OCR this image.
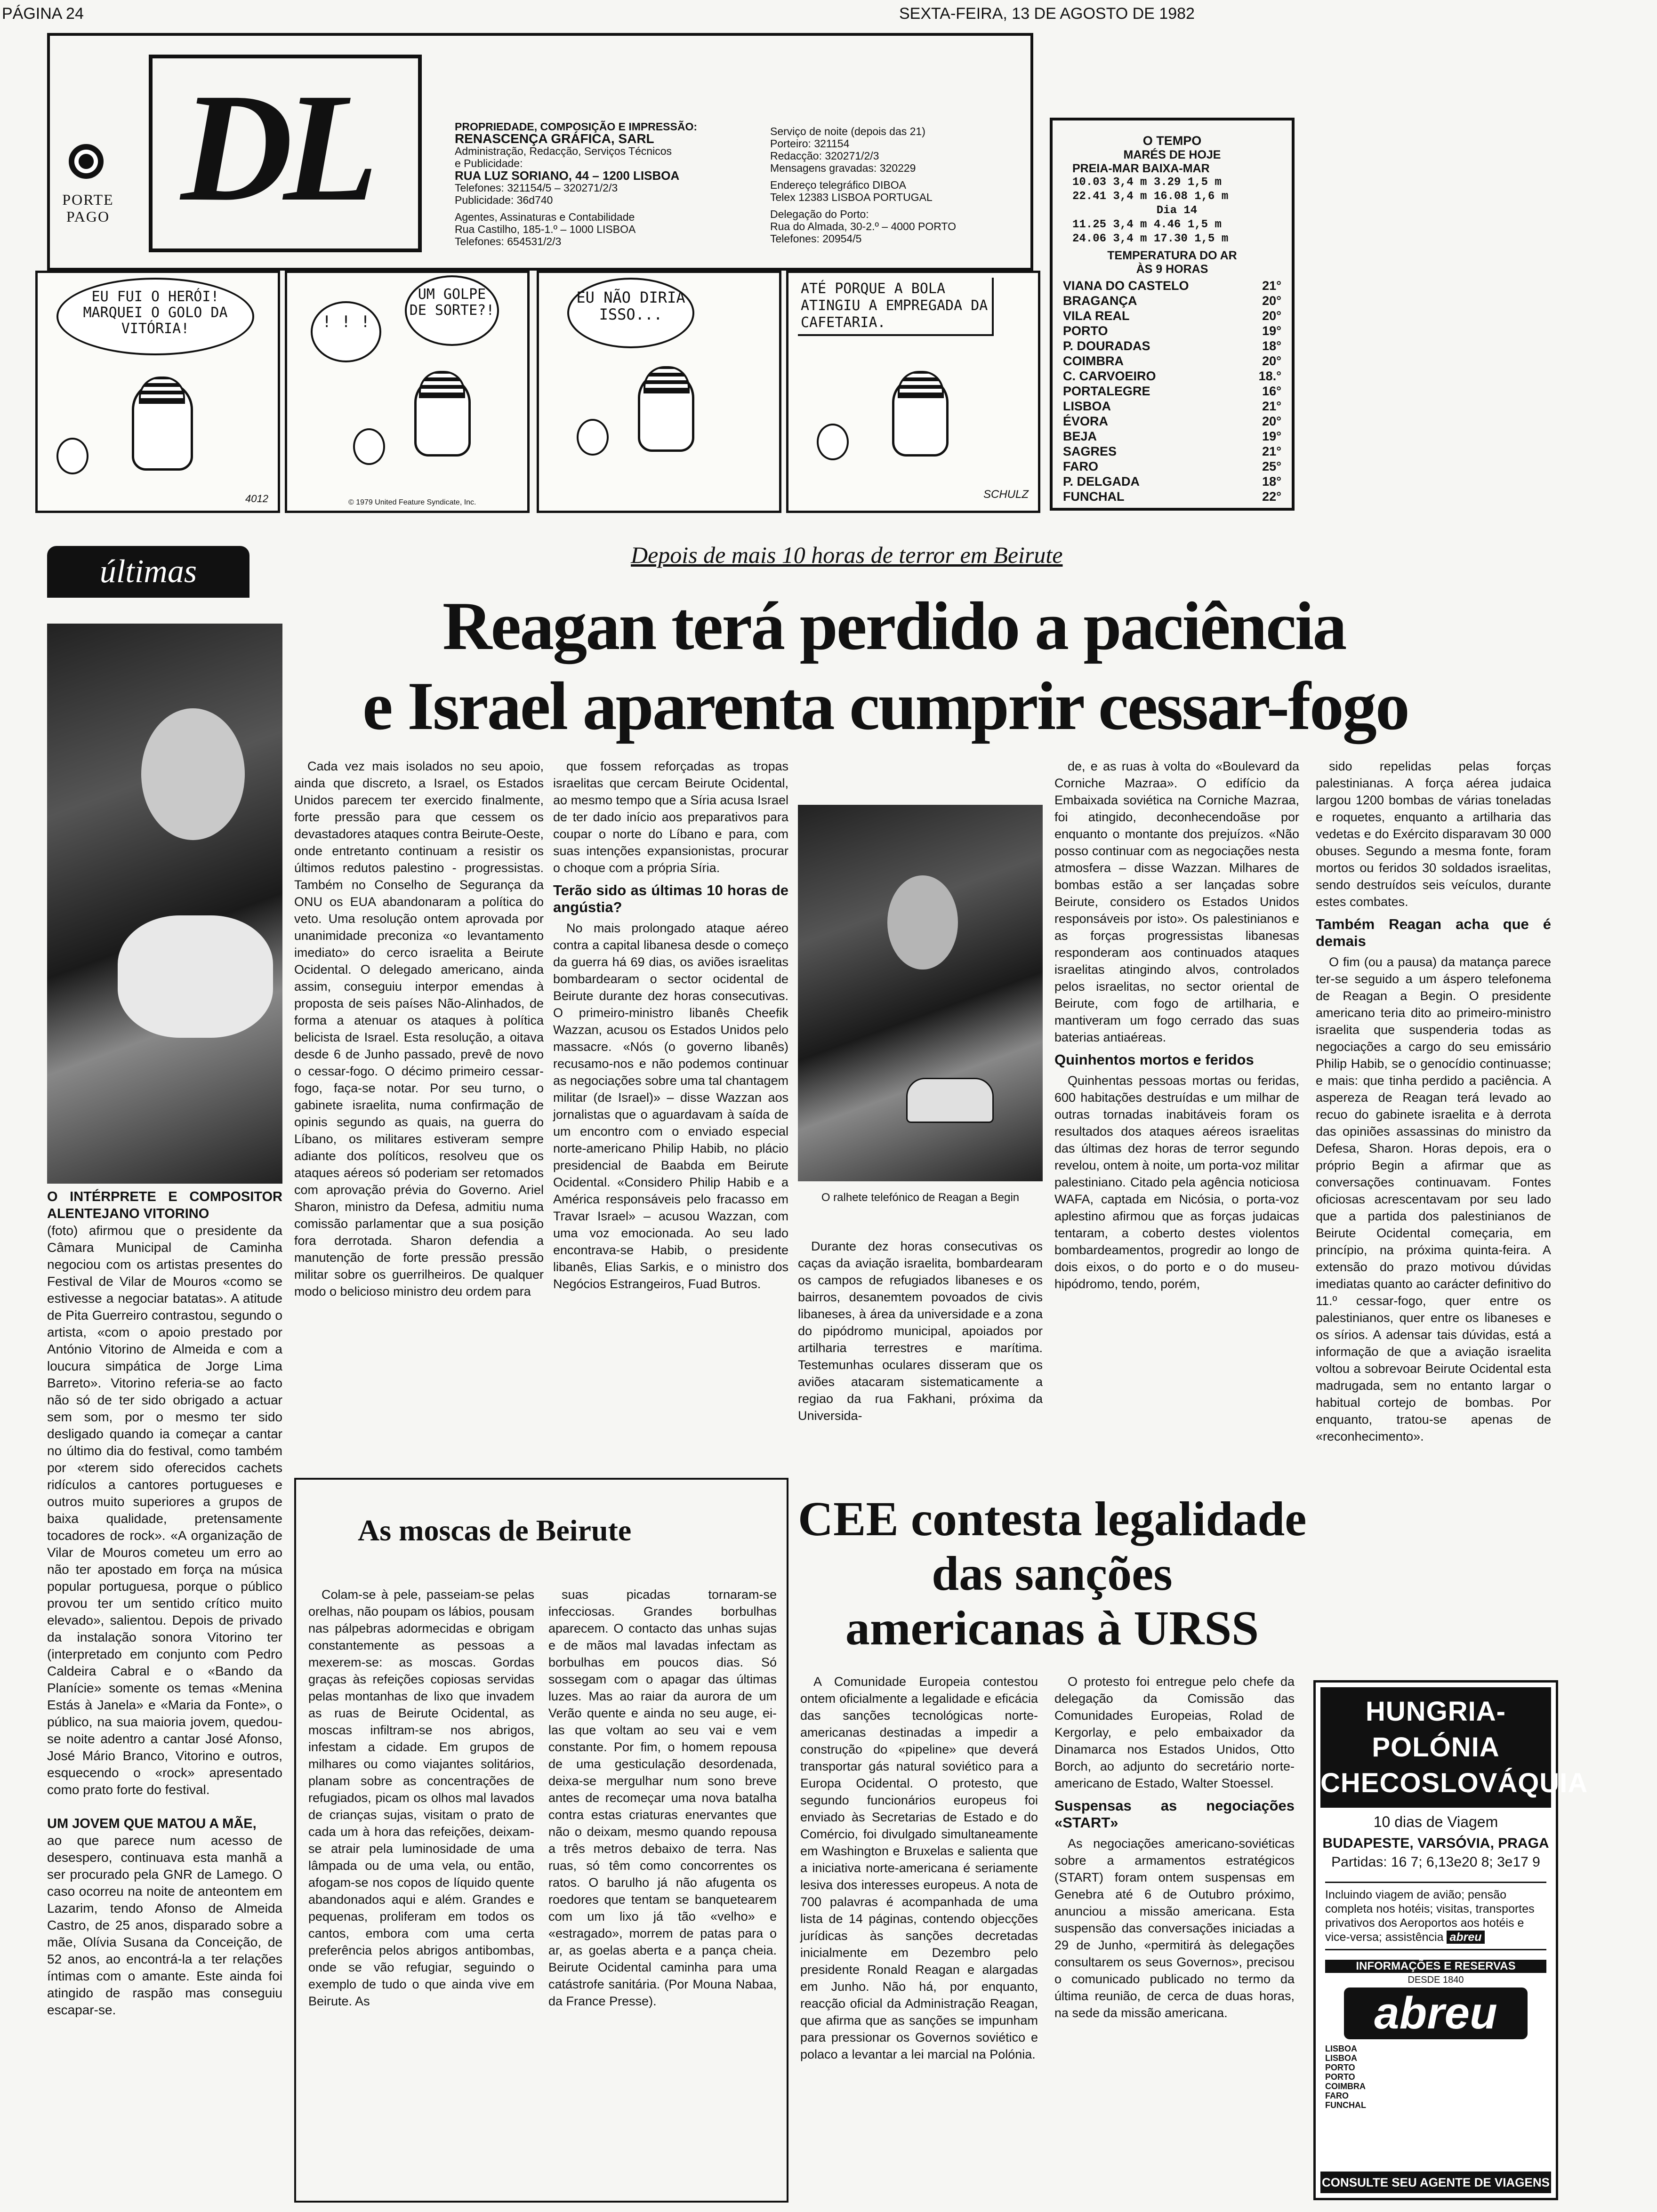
PÁGINA 24	SEXTA-FEIRA, 13 DE AGOSTO DE 1982
PORTE PAGO DL	PROPRIEDADE, COMPOSIÇÃO E IMPRESSÃO:
RENASCENÇA GRÁFICA, SARL
Administração, Redacção, Serviços Técnicos
e Publicidade:
RUA LUZ SORIANO, 44 – 1200 LISBOA
Telefones: 321154/5 – 320271/2/3
Publicidade: 36d740
Agentes, Assinaturas e Contabilidade
Rua Castilho, 185-1.º – 1000 LISBOA
Telefones: 654531/2/3
Serviço de noite (depois das 21)
Porteiro: 321154
Redacção: 320271/2/3
Mensagens gravadas: 320229
Endereço telegráfico DIBOA
Telex 12383 LISBOA PORTUGAL
Delegação do Porto:
Rua do Almada, 30-2.º – 4000 PORTO
Telefones: 20954/5
O TEMPO
MARÉS DE HOJE
PREIA-MAR BAIXA-MAR
10.03 3,4 m 3.29 1,5 m
22.41 3,4 m 16.08 1,6 m
Dia 14
11.25 3,4 m 4.46 1,5 m
24.06 3,4 m 17.30 1,5 m
TEMPERATURA DO AR
ÀS 9 HORAS
VIANA DO CASTELO	21°
BRAGANÇA	20°
VILA REAL	20°
PORTO	19°
P. DOURADAS	18°
COIMBRA	20°
C. CARVOEIRO	18.°
PORTALEGRE	16°
LISBOA	21°
ÉVORA	20°
BEJA	19°
SAGRES	21°
FARO	25°
P. DELGADA	18°
FUNCHAL	22°
EU FUI O HERÓI! MARQUEI O GOLO DA VITÓRIA!
4012
! ! !
UM GOLPE DE SORTE?!
© 1979 United Feature Syndicate, Inc.
EU NÃO DIRIA ISSO...
ATÉ PORQUE A BOLA ATINGIU A EMPREGADA DA CAFETARIA.
SCHULZ
últimas
O INTÉRPRETE E COMPOSITOR ALENTEJANO VITORINO
(foto) afirmou que o presidente da Câmara Municipal de Caminha negociou com os artistas presentes do Festival de Vilar de Mouros «como se estivesse a negociar batatas». A atitude de Pita Guerreiro contrastou, segundo o artista, «com o apoio prestado por António Vitorino de Almeida e com a loucura simpática de Jorge Lima Barreto». Vitorino referia-se ao facto não só de ter sido obrigado a actuar sem som, por o mesmo ter sido desligado quando ia começar a cantar no último dia do festival, como também por «terem sido oferecidos cachets ridículos a cantores portugueses e outros muito superiores a grupos de baixa qualidade, pretensamente tocadores de rock». «A organização de Vilar de Mouros cometeu um erro ao não ter apostado em força na música popular portuguesa, porque o público provou ter um sentido crítico muito elevado», salientou. Depois de privado da instalação sonora Vitorino ter (interpretado em conjunto com Pedro Caldeira Cabral e o «Bando da Planície» somente os temas «Menina Estás à Janela» e «Maria da Fonte», o público, na sua maioria jovem, quedou-se noite adentro a cantar José Afonso, José Mário Branco, Vitorino e outros, esquecendo o «rock» apresentado como prato forte do festival.
UM JOVEM QUE MATOU A MÃE,
ao que parece num acesso de desespero, continuava esta manhã a ser procurado pela GNR de Lamego. O caso ocorreu na noite de anteontem em Lazarim, tendo Afonso de Almeida Castro, de 25 anos, disparado sobre a mãe, Olívia Susana da Conceição, de 52 anos, ao encontrá-la a ter relações íntimas com o amante. Este ainda foi atingido de raspão mas conseguiu escapar-se.
Depois de mais 10 horas de terror em Beirute
Reagan terá perdido a paciência
e Israel aparenta cumprir cessar-fogo

Cada vez mais isolados no seu apoio, ainda que discreto, a Israel, os Estados Unidos parecem ter exercido finalmente, forte pressão para que cessem os devastadores ataques contra Beirute-Oeste, onde entretanto continuam a resistir os últimos redutos palestino - progressistas. Também no Conselho de Segurança da ONU os EUA abandonaram a política do veto. Uma resolução ontem aprovada por unanimidade preconiza «o levantamento imediato» do cerco israelita a Beirute Ocidental. O delegado americano, ainda assim, conseguiu interpor emendas à proposta de seis países Não-Alinhados, de forma a atenuar os ataques à política belicista de Israel. Esta resolução, a oitava desde 6 de Junho passado, prevê de novo o cessar-fogo. O décimo primeiro cessar-fogo, faça-se notar. Por seu turno, o gabinete israelita, numa confirmação de opinis segundo as quais, na guerra do Líbano, os militares estiveram sempre adiante dos políticos, resolveu que os ataques aéreos só poderiam ser retomados com aprovação prévia do Governo. Ariel Sharon, ministro da Defesa, admitiu numa comissão parlamentar que a sua posição fora derrotada. Sharon defendia a manutenção de forte pressão pressão militar sobre os guerrilheiros. De qualquer modo o belicioso ministro deu ordem para

que fossem reforçadas as tropas israelitas que cercam Beirute Ocidental, ao mesmo tempo que a Síria acusa Israel de ter dado início aos preparativos para coupar o norte do Líbano e para, com suas intenções expansionistas, procurar o choque com a própria Síria.

Terão sido as últimas 10 horas de angústia?

No mais prolongado ataque aéreo contra a capital libanesa desde o começo da guerra há 69 dias, os aviões israelitas bombardearam o sector ocidental de Beirute durante dez horas consecutivas. O primeiro-ministro libanês Cheefik Wazzan, acusou os Estados Unidos pelo massacre. «Nós (o governo libanês) recusamo-nos e não podemos continuar as negociações sobre uma tal chantagem militar (de Israel)» – disse Wazzan aos jornalistas que o aguardavam à saída de um encontro com o enviado especial norte-americano Philip Habib, no plácio presidencial de Baabda em Beirute Ocidental. «Considero Philip Habib e a América responsáveis pelo fracasso em Travar Israel» – acusou Wazzan, com uma voz emocionada. Ao seu lado encontrava-se Habib, o presidente libanês, Elias Sarkis, e o ministro dos Negócios Estrangeiros, Fuad Butros.

O ralhete telefónico de Reagan a Begin

Durante dez horas consecutivas os caças da aviação israelita, bombardearam os campos de refugiados libaneses e os bairros, desanemtem povoados de civis libaneses, à área da universidade e a zona do pipódromo municipal, apoiados por artilharia terrestres e marítima. Testemunhas oculares disseram que os aviões atacaram sistematicamente a regiao da rua Fakhani, próxima da Universida-

de, e as ruas à volta do «Boulevard da Corniche Mazraa». O edifício da Embaixada soviética na Corniche Mazraa, foi atingido, deconhecendoãse por enquanto o montante dos prejuízos. «Não posso continuar com as negociações nesta atmosfera – disse Wazzan. Milhares de bombas estão a ser lançadas sobre Beirute, considero os Estados Unidos responsáveis por isto». Os palestinianos e as forças progressistas libanesas responderam aos continuados ataques israelitas atingindo alvos, controlados pelos israelitas, no sector oriental de Beirute, com fogo de artilharia, e mantiveram um fogo cerrado das suas baterias antiaéreas.

Quinhentos mortos e feridos

Quinhentas pessoas mortas ou feridas, 600 habitações destruídas e um milhar de outras tornadas inabitáveis foram os resultados dos ataques aéreos israelitas das últimas dez horas de terror segundo revelou, ontem à noite, um porta-voz militar palestiniano. Citado pela agência noticiosa WAFA, captada em Nicósia, o porta-voz aplestino afirmou que as forças judaicas tentaram, a coberto destes violentos bombardeamentos, progredir ao longo de dois eixos, o do porto e o do museu-hipódromo, tendo, porém,

sido repelidas pelas forças palestinianas. A força aérea judaica largou 1200 bombas de várias toneladas e roquetes, enquanto a artilharia das vedetas e do Exército disparavam 30 000 obuses. Segundo a mesma fonte, foram mortos ou feridos 30 soldados israelitas, sendo destruídos seis veículos, durante estes combates.

Também Reagan acha que é demais

O fim (ou a pausa) da matança parece ter-se seguido a um áspero telefonema de Reagan a Begin. O presidente americano teria dito ao primeiro-ministro israelita que suspenderia todas as negociações a cargo do seu emissário Philip Habib, se o genocídio continuasse; e mais: que tinha perdido a paciência. A aspereza de Reagan terá levado ao recuo do gabinete israelita e à derrota das opiniões assassinas do ministro da Defesa, Sharon. Horas depois, era o próprio Begin a afirmar que as conversações continuavam. Fontes oficiosas acrescentavam por seu lado que a partida dos palestinianos de Beirute Ocidental começaria, em princípio, na próxima quinta-feira. A extensão do prazo motivou dúvidas imediatas quanto ao carácter definitivo do 11.º cessar-fogo, quer entre os palestinianos, quer entre os libaneses e os sírios. A adensar tais dúvidas, está a informação de que a aviação israelita voltou a sobrevoar Beirute Ocidental esta madrugada, sem no entanto largar o habitual cortejo de bombas. Por enquanto, tratou-se apenas de «reconhecimento».

As moscas de Beirute

Colam-se à pele, passeiam-se pelas orelhas, não poupam os lábios, pousam nas pálpebras adormecidas e obrigam constantemente as pessoas a mexerem-se: as moscas. Gordas graças às refeições copiosas servidas pelas montanhas de lixo que invadem as ruas de Beirute Ocidental, as moscas infiltram-se nos abrigos, infestam a cidade. Em grupos de milhares ou como viajantes solitários, planam sobre as concentrações de refugiados, picam os olhos mal lavados de crianças sujas, visitam o prato de cada um à hora das refeições, deixam-se atrair pela luminosidade de uma lâmpada ou de uma vela, ou então, afogam-se nos copos de líquido quente abandonados aqui e além. Grandes e pequenas, proliferam em todos os cantos, embora com uma certa preferência pelos abrigos antibombas, onde se vão refugiar, seguindo o exemplo de tudo o que ainda vive em Beirute. As

suas picadas tornaram-se infecciosas. Grandes borbulhas aparecem. O contacto das unhas sujas e de mãos mal lavadas infectam as borbulhas em poucos dias. Só sossegam com o apagar das últimas luzes. Mas ao raiar da aurora de um Verão quente e ainda no seu auge, ei-las que voltam ao seu vai e vem constante. Por fim, o homem repousa de uma gesticulação desordenada, deixa-se mergulhar num sono breve antes de recomeçar uma nova batalha contra estas criaturas enervantes que não o deixam, mesmo quando repousa a três metros debaixo de terra. Nas ruas, só têm como concorrentes os ratos. O barulho já não afugenta os roedores que tentam se banquetearem com um lixo já tão «velho» e «estragado», morrem de patas para o ar, as goelas aberta e a pança cheia. Beirute Ocidental caminha para uma catástrofe sanitária. (Por Mouna Nabaa, da France Presse).

CEE contesta legalidade
das sanções
americanas à URSS

A Comunidade Europeia contestou ontem oficialmente a legalidade e eficácia das sanções tecnológicas norte-americanas destinadas a impedir a construção do «pipeline» que deverá transportar gás natural soviético para a Europa Ocidental. O protesto, que segundo funcionários europeus foi enviado às Secretarias de Estado e do Comércio, foi divulgado simultaneamente em Washington e Bruxelas e salienta que a iniciativa norte-americana é seriamente lesiva dos interesses europeus. A nota de 700 palavras é acompanhada de uma lista de 14 páginas, contendo objecções jurídicas às sanções decretadas inicialmente em Dezembro pelo presidente Ronald Reagan e alargadas em Junho. Não há, por enquanto, reacção oficial da Administração Reagan, que afirma que as sanções se impunham para pressionar os Governos soviético e polaco a levantar a lei marcial na Polónia.

O protesto foi entregue pelo chefe da delegação da Comissão das Comunidades Europeias, Rolad de Kergorlay, e pelo embaixador da Dinamarca nos Estados Unidos, Otto Borch, ao adjunto do secretário norte-americano de Estado, Walter Stoessel.

Suspensas as negociações «START»

As negociações americano-soviéticas sobre a armamentos estratégicos (START) foram ontem suspensas em Genebra até 6 de Outubro próximo, anunciou a missão americana. Esta suspensão das conversações iniciadas a 29 de Junho, «permitirá às delegações consultarem os seus Governos», precisou o comunicado publicado no termo da última reunião, de cerca de duas horas, na sede da missão americana.

HUNGRIA-POLÓNIA
CHECOSLOVÁQUIA
10 dias de Viagem
BUDAPESTE, VARSÓVIA, PRAGA
Partidas: 16 7; 6,13e20 8; 3e17 9
Incluindo viagem de avião; pensão completa nos hotéis; visitas, transportes privativos dos Aeroportos aos hotéis e vice-versa; assistência abreu
INFORMAÇÕES E RESERVAS
DESDE 1840
abreu
LISBOA
LISBOA
PORTO
PORTO
COIMBRA
FARO
FUNCHAL
CONSULTE SEU AGENTE DE VIAGENS
